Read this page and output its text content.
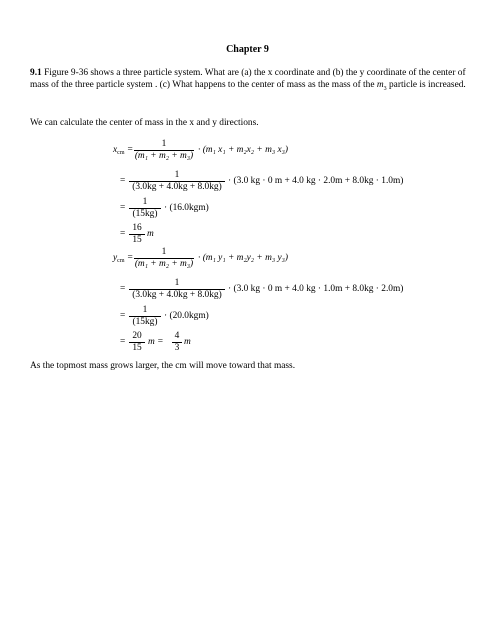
Chapter 9
9.1 Figure 9-36 shows a three particle system. What are (a) the x coordinate and (b) the y coordinate of the center of mass of the three particle system . (c) What happens to the center of mass as the mass of the $m_3$ particle is increased.
We can calculate the center of mass in the x and y directions.
$x_{cm}$ =
1
(m₁ + m₂ + m₃)
· (m₁ x₁ + m₂x₂ + m₃ x₃)
=
1
(3.0kg + 4.0kg + 8.0kg)
· (3.0 kg · 0 m + 4.0 kg · 2.0m + 8.0kg · 1.0m)
=
1
(15kg)
· (16.0kgm)
=
16
15
m
$y_{cm}$ =
1
(m₁ + m₂ + m₃)
· (m₁ y₁ + m₂y₂ + m₃ y₃)
=
1
(3.0kg + 4.0kg + 8.0kg)
· (3.0 kg · 0 m + 4.0 kg · 1.0m + 8.0kg · 2.0m)
=
1
(15kg)
· (20.0kgm)
=
20
15
m =
4
3
m
As the topmost mass grows larger, the cm will move toward that mass.
